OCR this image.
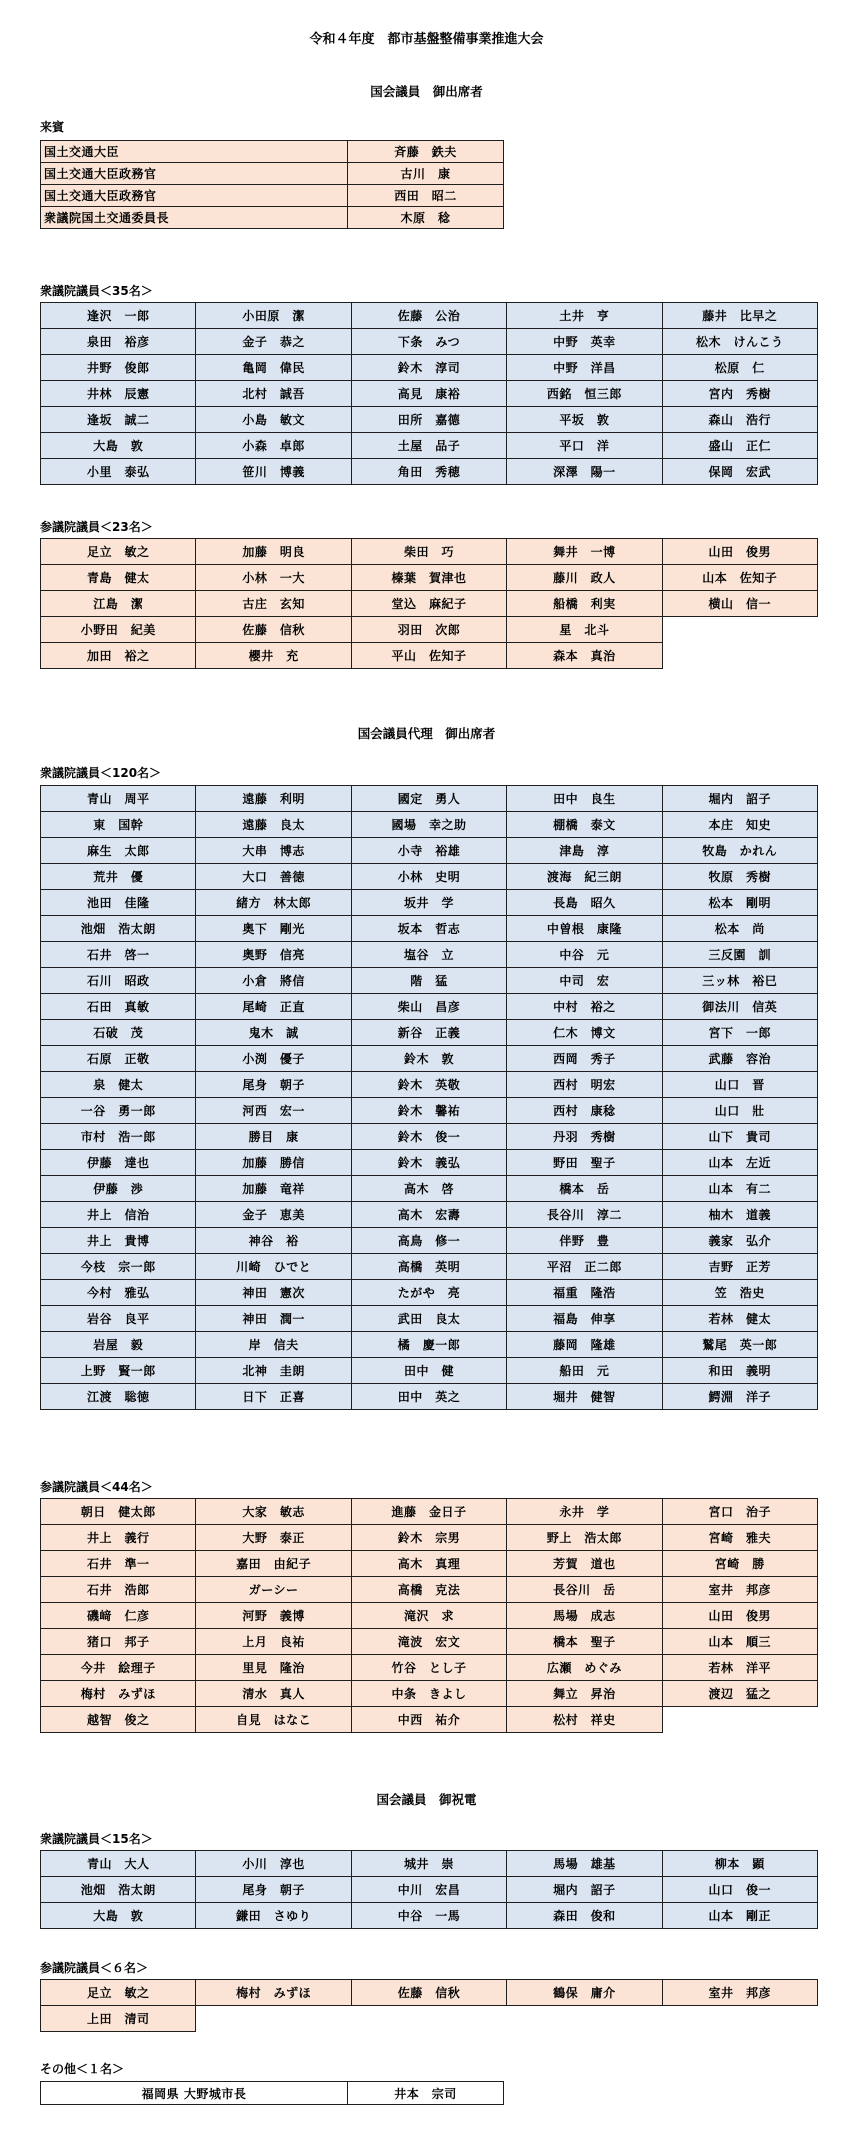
令和４年度　都市基盤整備事業推進大会
国会議員　御出席者
来賓
国土交通大臣	斉藤　鉄夫
国土交通大臣政務官	古川　康
国土交通大臣政務官	西田　昭二
衆議院国土交通委員長	木原　稔
衆議院議員＜35名＞
逢沢　一郎	小田原　潔	佐藤　公治	土井　亨	藤井　比早之
泉田　裕彦	金子　恭之	下条　みつ	中野　英幸	松木　けんこう
井野　俊郎	亀岡　偉民	鈴木　淳司	中野　洋昌	松原　仁
井林　辰憲	北村　誠吾	高見　康裕	西銘　恒三郎	宮内　秀樹
逢坂　誠二	小島　敏文	田所　嘉德	平坂　敦	森山　浩行
大島　敦	小森　卓郎	土屋　品子	平口　洋	盛山　正仁
小里　泰弘	笹川　博義	角田　秀穂	深澤　陽一	保岡　宏武
参議院議員＜23名＞
足立　敏之	加藤　明良	柴田　巧	舞井　一博	山田　俊男
青島　健太	小林　一大	榛葉　賀津也	藤川　政人	山本　佐知子
江島　潔	古庄　玄知	堂込　麻紀子	船橋　利実	横山　信一
小野田　紀美	佐藤　信秋	羽田　次郎	星　北斗	
加田　裕之	櫻井　充	平山　佐知子	森本　真治	
国会議員代理　御出席者
衆議院議員＜120名＞
青山　周平	遠藤　利明	國定　勇人	田中　良生	堀内　詔子
東　国幹	遠藤　良太	國場　幸之助	棚橋　泰文	本庄　知史
麻生　太郎	大串　博志	小寺　裕雄	津島　淳	牧島　かれん
荒井　優	大口　善徳	小林　史明	渡海　紀三朗	牧原　秀樹
池田　佳隆	緒方　林太郎	坂井　学	長島　昭久	松本　剛明
池畑　浩太朗	奥下　剛光	坂本　哲志	中曽根　康隆	松本　尚
石井　啓一	奥野　信亮	塩谷　立	中谷　元	三反園　訓
石川　昭政	小倉　將信	階　猛	中司　宏	三ッ林　裕巳
石田　真敏	尾崎　正直	柴山　昌彦	中村　裕之	御法川　信英
石破　茂	鬼木　誠	新谷　正義	仁木　博文	宮下　一郎
石原　正敬	小渕　優子	鈴木　敦	西岡　秀子	武藤　容治
泉　健太	尾身　朝子	鈴木　英敬	西村　明宏	山口　晋
一谷　勇一郎	河西　宏一	鈴木　馨祐	西村　康稔	山口　壯
市村　浩一郎	勝目　康	鈴木　俊一	丹羽　秀樹	山下　貴司
伊藤　達也	加藤　勝信	鈴木　義弘	野田　聖子	山本　左近
伊藤　渉	加藤　竜祥	高木　啓	橋本　岳	山本　有二
井上　信治	金子　恵美	高木　宏壽	長谷川　淳二	柚木　道義
井上　貴博	神谷　裕	高鳥　修一	伴野　豊	義家　弘介
今枝　宗一郎	川崎　ひでと	高橋　英明	平沼　正二郎	吉野　正芳
今村　雅弘	神田　憲次	たがや　亮	福重　隆浩	笠　浩史
岩谷　良平	神田　潤一	武田　良太	福島　伸享	若林　健太
岩屋　毅	岸　信夫	橘　慶一郎	藤岡　隆雄	鷲尾　英一郎
上野　賢一郎	北神　圭朗	田中　健	船田　元	和田　義明
江渡　聡徳	日下　正喜	田中　英之	堀井　健智	鰐淵　洋子
参議院議員＜44名＞
朝日　健太郎	大家　敏志	進藤　金日子	永井　学	宮口　治子
井上　義行	大野　泰正	鈴木　宗男	野上　浩太郎	宮崎　雅夫
石井　準一	嘉田　由紀子	高木　真理	芳賀　道也	宮崎　勝
石井　浩郎	ガーシー	高橋　克法	長谷川　岳	室井　邦彦
磯﨑　仁彦	河野　義博	滝沢　求	馬場　成志	山田　俊男
猪口　邦子	上月　良祐	滝波　宏文	橋本　聖子	山本　順三
今井　絵理子	里見　隆治	竹谷　とし子	広瀬　めぐみ	若林　洋平
梅村　みずほ	清水　真人	中条　きよし	舞立　昇治	渡辺　猛之
越智　俊之	自見　はなこ	中西　祐介	松村　祥史	
国会議員　御祝電
衆議院議員＜15名＞
青山　大人	小川　淳也	城井　崇	馬場　雄基	柳本　顕
池畑　浩太朗	尾身　朝子	中川　宏昌	堀内　詔子	山口　俊一
大島　敦	鎌田　さゆり	中谷　一馬	森田　俊和	山本　剛正
参議院議員＜６名＞
足立　敏之	梅村　みずほ	佐藤　信秋	鶴保　庸介	室井　邦彦
上田　清司				
その他＜１名＞
福岡県 大野城市長	井本　宗司
